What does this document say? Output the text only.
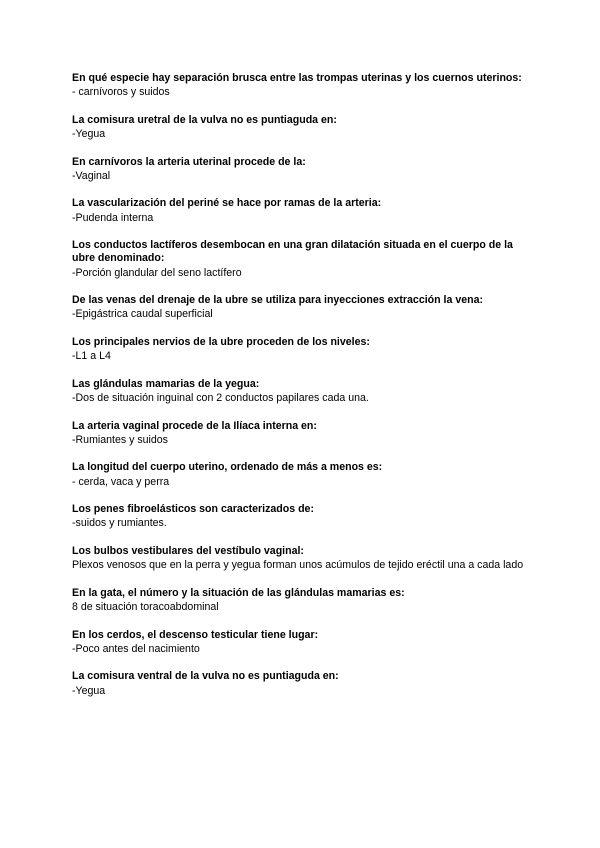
En qué especie hay separación brusca entre las trompas uterinas y los cuernos uterinos:

- carnívoros y suidos

La comisura uretral de la vulva no es puntiaguda en:

-Yegua

En carnívoros la arteria uterinal procede de la:

-Vaginal

La vascularización del periné se hace por ramas de la arteria:

-Pudenda interna

Los conductos lactíferos desembocan en una gran dilatación situada en el cuerpo de la ubre denominado:

-Porción glandular del seno lactífero

De las venas del drenaje de la ubre se utiliza para inyecciones extracción la vena:

-Epigástrica caudal superficial

Los principales nervios de la ubre proceden de los niveles:

-L1 a L4

Las glándulas mamarias de la yegua:

-Dos de situación inguinal con 2 conductos papilares cada una.

La arteria vaginal procede de la Ilíaca interna en:

-Rumiantes y suidos

La longitud del cuerpo uterino, ordenado de más a menos es:

- cerda, vaca y perra

Los penes fibroelásticos son caracterizados de:

-suidos y rumiantes.

Los bulbos vestibulares del vestíbulo vaginal:

Plexos venosos que en la perra y yegua forman unos acúmulos de tejido eréctil una a cada lado

En la gata, el número y la situación de las glándulas mamarias es:

8 de situación toracoabdominal

En los cerdos, el descenso testicular tiene lugar:

-Poco antes del nacimiento

La comisura ventral de la vulva no es puntiaguda en:

-Yegua
